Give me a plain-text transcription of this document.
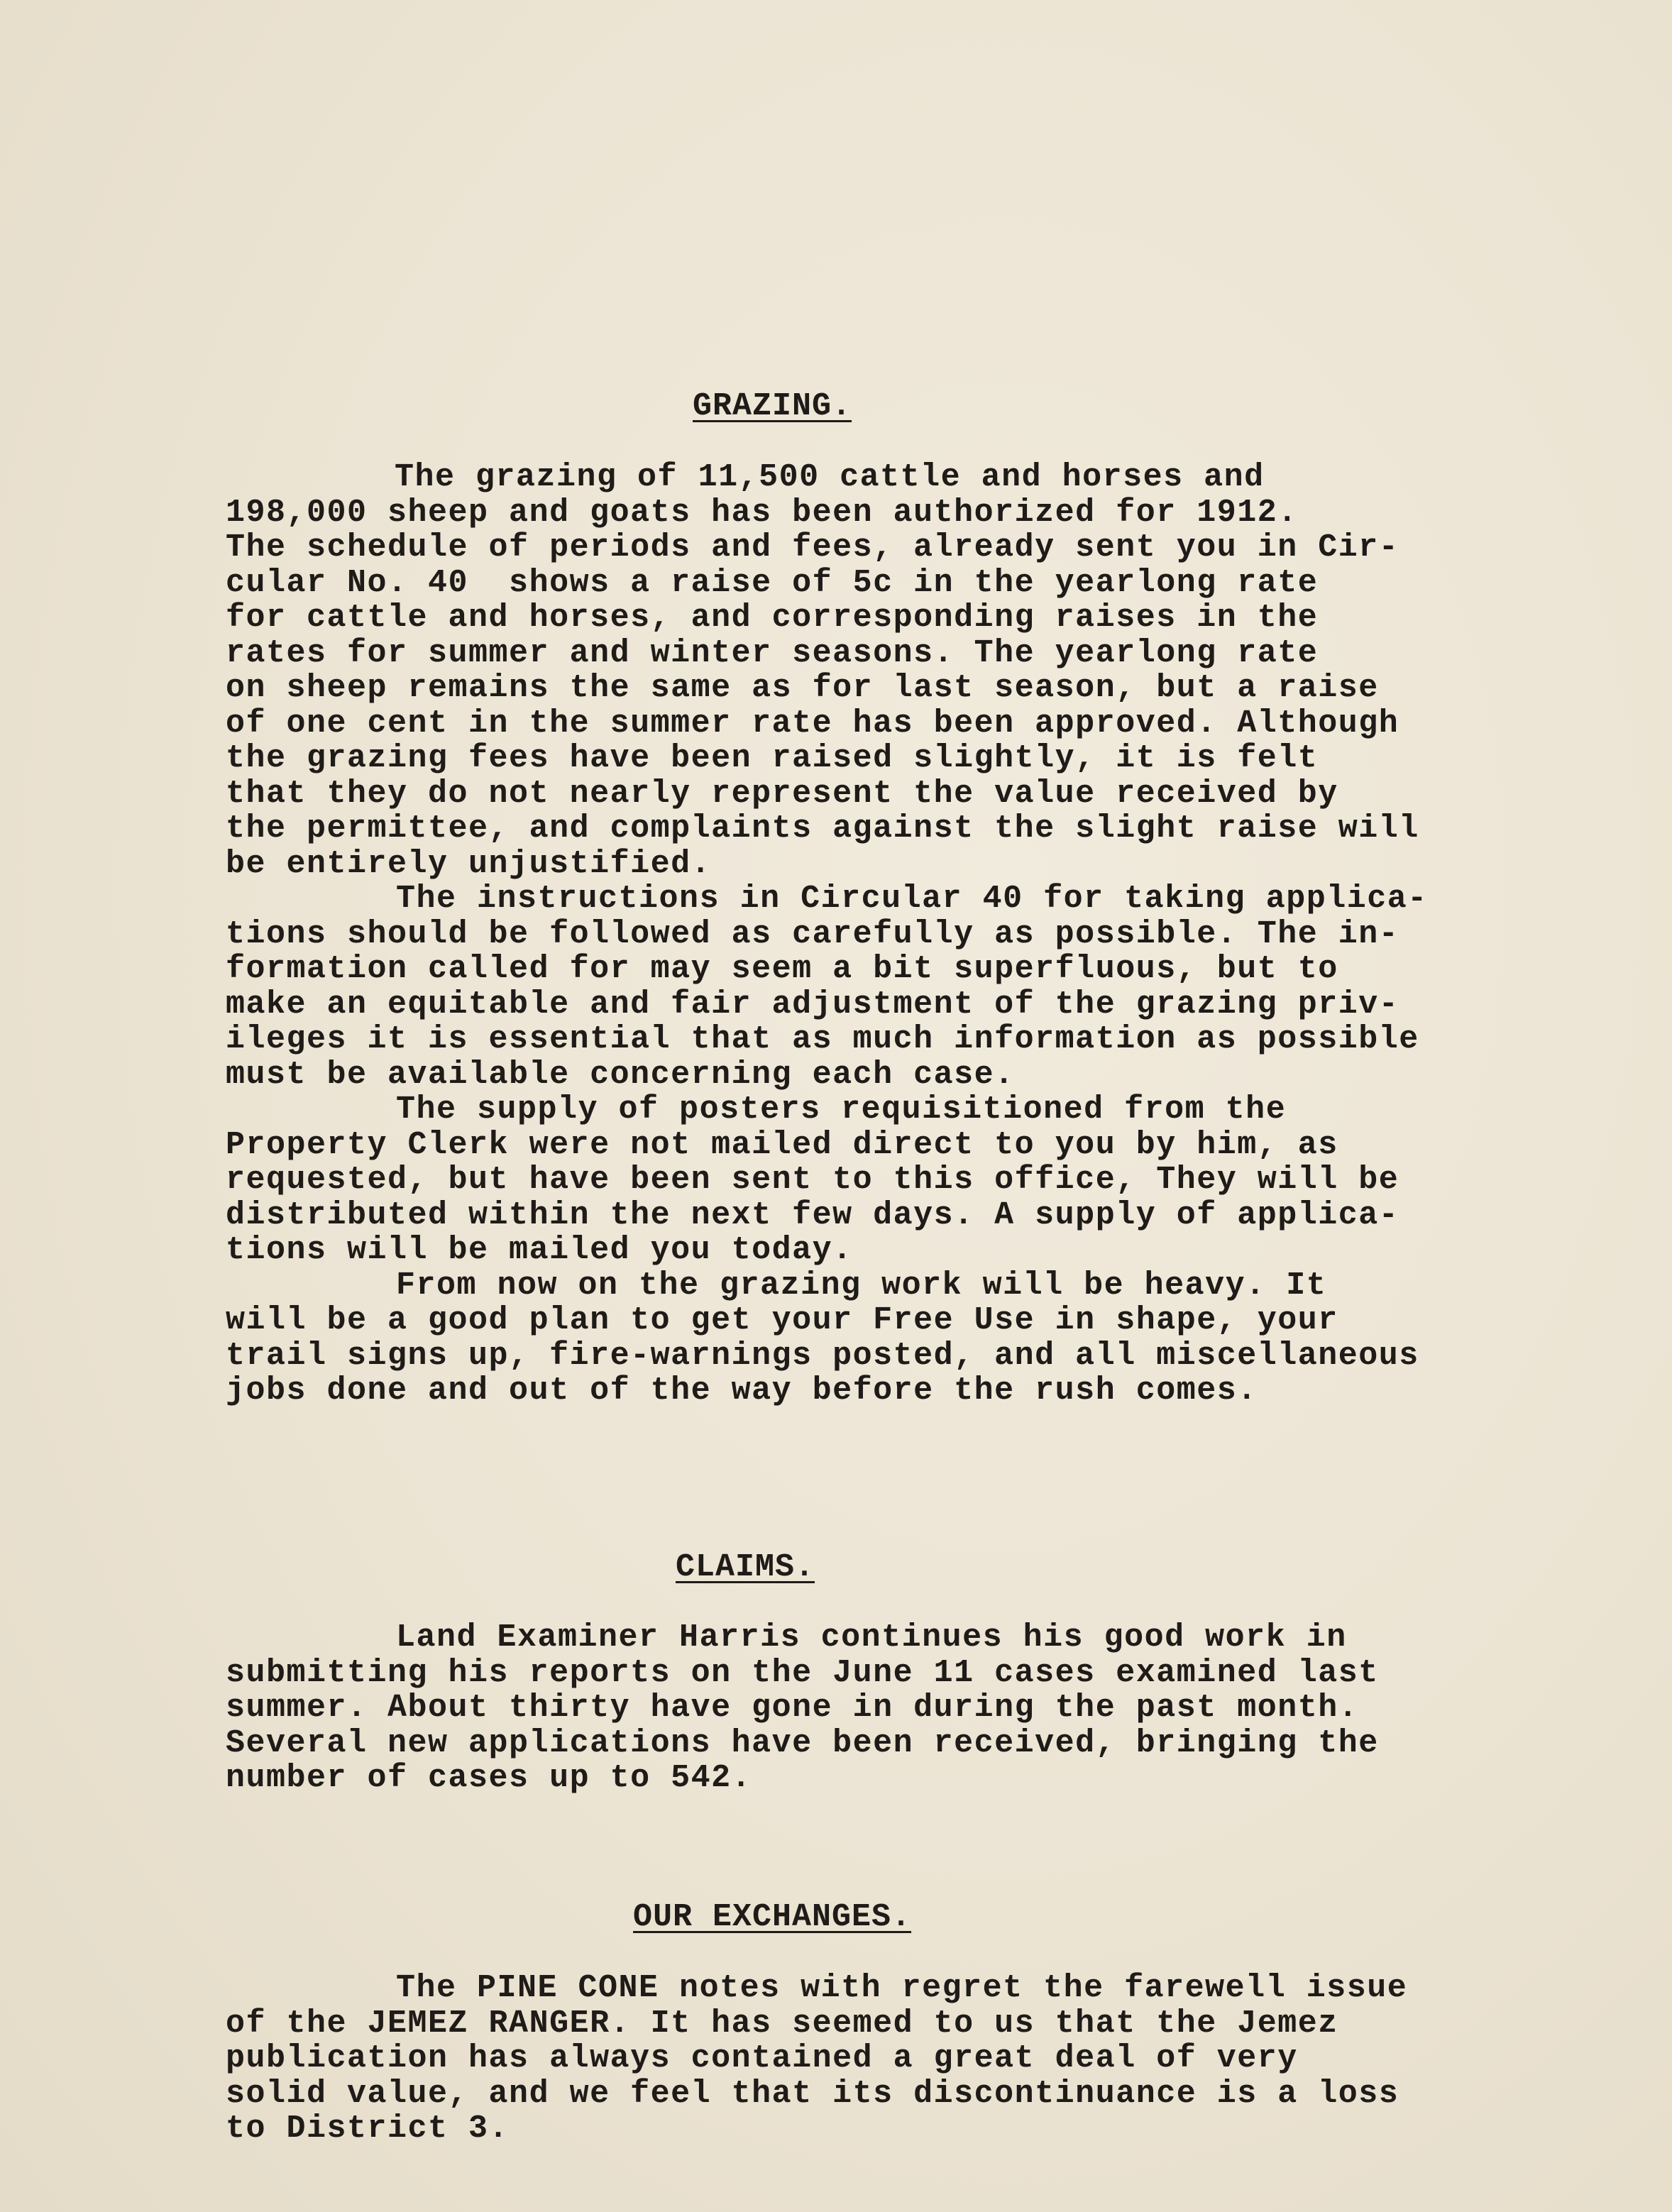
GRAZING.
The grazing of 11,500 cattle and horses and
198,000 sheep and goats has been authorized for 1912.
The schedule of periods and fees, already sent you in Cir-
cular No. 40  shows a raise of 5c in the yearlong rate
for cattle and horses, and corresponding raises in the
rates for summer and winter seasons. The yearlong rate
on sheep remains the same as for last season, but a raise
of one cent in the summer rate has been approved. Although
the grazing fees have been raised slightly, it is felt
that they do not nearly represent the value received by
the permittee, and complaints against the slight raise will
be entirely unjustified.
The instructions in Circular 40 for taking applica-
tions should be followed as carefully as possible. The in-
formation called for may seem a bit superfluous, but to
make an equitable and fair adjustment of the grazing priv-
ileges it is essential that as much information as possible
must be available concerning each case.
The supply of posters requisitioned from the
Property Clerk were not mailed direct to you by him, as
requested, but have been sent to this office, They will be
distributed within the next few days. A supply of applica-
tions will be mailed you today.
From now on the grazing work will be heavy. It
will be a good plan to get your Free Use in shape, your
trail signs up, fire-warnings posted, and all miscellaneous
jobs done and out of the way before the rush comes.
CLAIMS.
Land Examiner Harris continues his good work in
submitting his reports on the June 11 cases examined last
summer. About thirty have gone in during the past month.
Several new applications have been received, bringing the
number of cases up to 542.
OUR EXCHANGES.
The PINE CONE notes with regret the farewell issue
of the JEMEZ RANGER. It has seemed to us that the Jemez
publication has always contained a great deal of very
solid value, and we feel that its discontinuance is a loss
to District 3.
